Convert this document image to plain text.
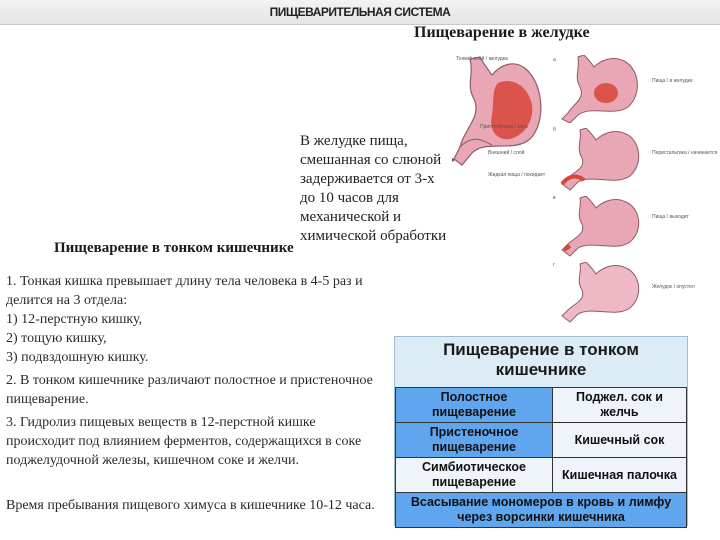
ПИЩЕВАРИТЕЛЬНАЯ СИСТЕМА
Пищеварение в желудке
В желудке пища,
смешанная со слюной
задерживается от 3-х
до 10 часов для
механической и
химической обработки
Тонкий слой / желудка
Пристеночная / зона
Внешний / слой
Жидкая пища / покидает
Пища / в желудке
Перистальтика / начинается
Пища / выходит
Желудок / опустел
а
б
в
г
Пищеварение в тонком кишечнике
1. Тонкая кишка превышает длину тела человека в 4-5 раз и
делится на 3 отдела:
1) 12-перстную кишку,
2) тощую кишку,
3) подвздошную кишку.
2. В тонком кишечнике различают полостное и пристеночное
пищеварение.
3. Гидролиз пищевых веществ в 12-перстной кишке
происходит под влиянием ферментов, содержащихся в соке
поджелудочной железы, кишечном соке и желчи.
Время пребывания пищевого химуса в кишечнике 10-12 часа.
Пищеварение в тонком
кишечнике
Полостное пищеварение	Поджел. сок и желчь
Пристеночное пищеварение	Кишечный сок
Симбиотическое пищеварение	Кишечная палочка
Всасывание мономеров в кровь и лимфу через ворсинки кишечника	
